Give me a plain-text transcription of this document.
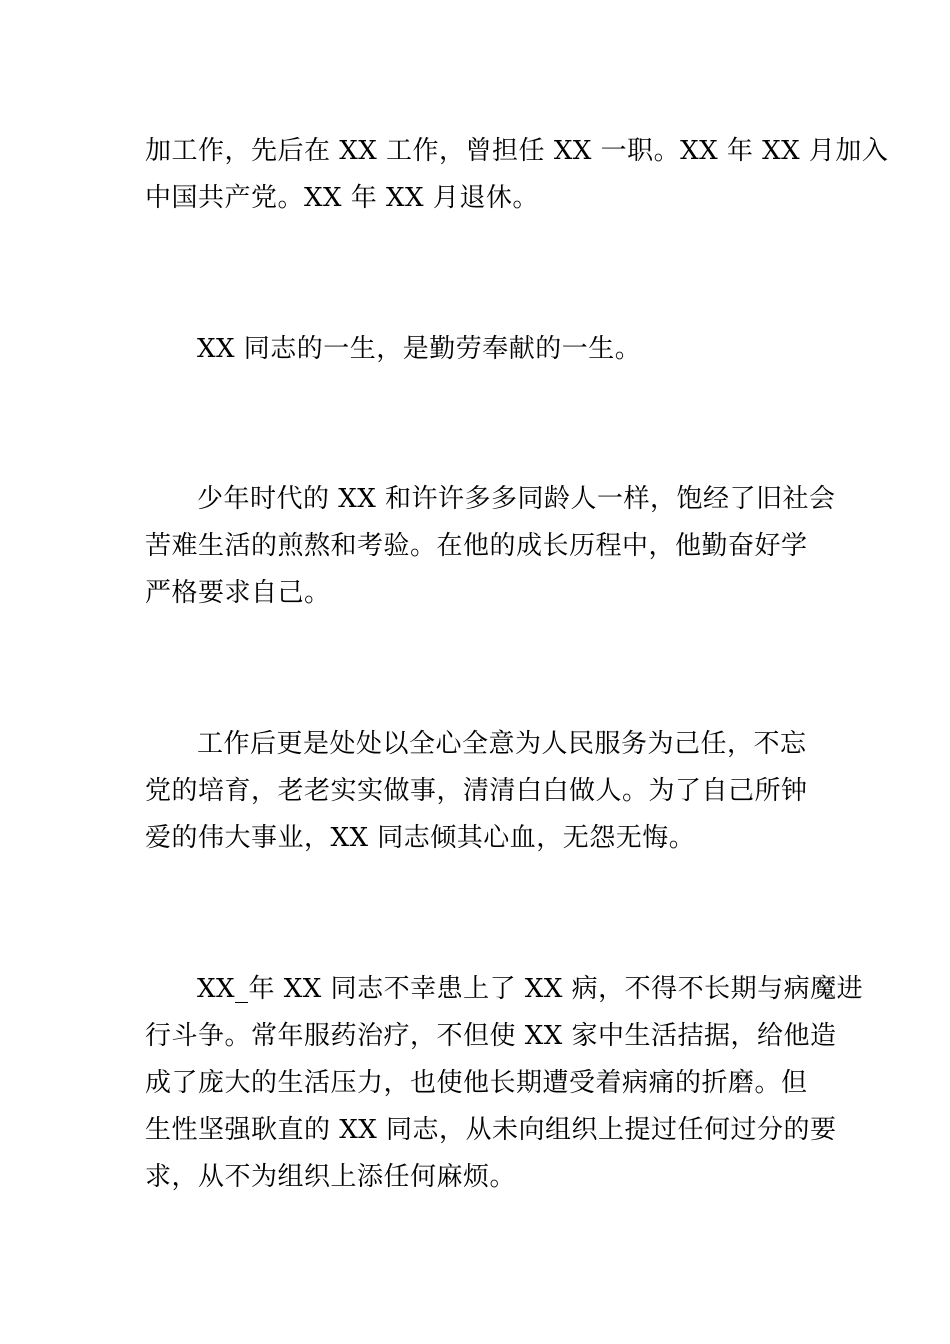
加工作，先后在 XX 工作，曾担任 XX 一职。XX 年 XX 月加入
中国共产党。XX 年 XX 月退休。

XX 同志的一生，是勤劳奉献的一生。

少年时代的 XX 和许许多多同龄人一样，饱经了旧社会
苦难生活的煎熬和考验。在他的成长历程中，他勤奋好学
严格要求自己。

工作后更是处处以全心全意为人民服务为己任，不忘
党的培育，老老实实做事，清清白白做人。为了自己所钟
爱的伟大事业，XX 同志倾其心血，无怨无悔。

XX_年 XX 同志不幸患上了 XX 病，不得不长期与病魔进
行斗争。常年服药治疗，不但使 XX 家中生活拮据，给他造
成了庞大的生活压力，也使他长期遭受着病痛的折磨。但
生性坚强耿直的 XX 同志，从未向组织上提过任何过分的要
求，从不为组织上添任何麻烦。
